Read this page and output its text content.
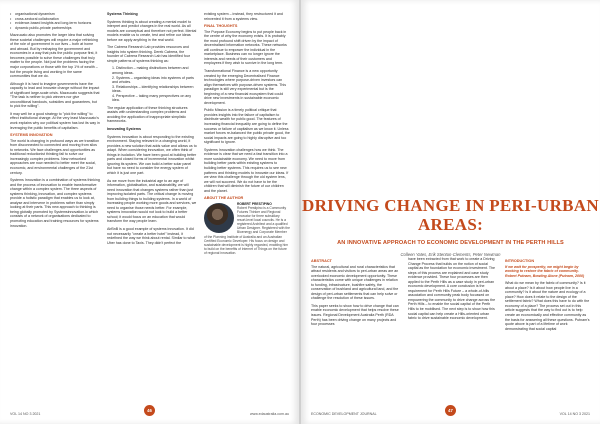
• organisational dynamism
• cross-sectoral collaboration
• evidence-based insights and long-term horizons
• dynamic public-private partnerships

Mazzucato also promotes the larger idea that solving these societal challenges will require a major rethinking of the role of government in our lives – both at home and abroad. But by reshaping the government and economies in a way that puts the public purpose first, it becomes possible to solve these challenges that truly matter to the people. Not just the problems facing the major corporations or those with the top 1% of wealth – but the people living and working in the same communities that we do.

Although it is hard to imagine governments have the capacity to lead and innovate change without the impact of significant large-scale crisis. Mazzucato suggests that "The task is neither to pick winners nor give unconditional handouts, subsidies and guarantees, but to pick the willing".

It may well be a good strategy to "pick the willing" to effect institutional change. At the very least Mazzucato's work explains why our political system has lost its way in leveraging the public benefits of capitalism.

SYSTEMS INNOVATION

The world is changing in profound ways as we transition from disconnected to connected and moving from silos to networks. We face challenges and opportunities as traditional reductionist thinking fail to solve our increasingly complex problems. New networked approaches are now needed to better meet the social, economic, and environmental challenges of the 21st century.

Systems Innovation is a combination of systems thinking and the process of innovation to enable transformative change within a complex system. The three aspects of systems thinking, innovation, and complex systems provide a holistic paradigm that enables us to look at, analyse and intervene in problems rather than simply looking at their parts. This new approach to thinking is being globally promoted by Systemsinnovation.io which consists of a network of organisations dedicated to promoting education and training resources for systems innovation.

Systems Thinking

Systems thinking is about creating a mental model to interpret and predict changes in the real world. As all models are conceptual and therefore not perfect. Mental models enable us to create, test and refine our ideas before we apply anything in the real world.

The Cabrera Research Lab provides resources and insights into system thinking. Derek Cabrera, the founder of Cabrera Research Lab has identified four simple patterns of systems thinking as:

1. Distinction – making distinctions between and among ideas.
2. Systems – organising ideas into systems of parts and wholes.
3. Relationships – identifying relationships between ideas.
4. Perspective – taking many perspectives on any idea.

The regular application of these thinking structures assists with understanding complex problems and avoiding the application of inappropriate simplistic frameworks.

Innovating Systems

Systems innovation is about responding to the existing environment. Staying relevant in a changing world, it provides a new solution that adds value and allows us to adapt. When considering innovation, we often think of things in isolation. We have been good at building better parts and closed forms of incremental innovation whilst ignoring its system. We can build a better solar panel but have no need to consider the energy system of which it is just one part.

As we move from the industrial age to an age of information, globalisation, and sustainability, we will need innovation that changes systems rather than just improving isolated parts. The critical change is moving from building things to building systems. In a world of increasing people working more goods and services, we need to organise those needs better. For example, systems innovation would not look to build a better school; it would focus on an education that would transform the way people learn.

AirBnB is a good example of systems innovation. It did not necessarily "create a better hotel" instead, it redefined the way we think about rental. Similar to what Uber has done to Taxis. They didn't perfect the

existing system – instead, they restructured it and reinvented it from a systems view.

FINAL THOUGHTS

The Purpose Economy begins to put people back in the centre of why the economy exists. It is probably the most profound shift driven by the impact of decentralised information networks. These networks will continue to empower the individual in the marketplace. Business can no longer ignore the interests and needs of their customers and employees if they wish to survive in the long term.

Transformational Finance is a new opportunity created by the emerging Decentralised Finance technologies where purpose-driven investors can align themselves with purpose-driven systems. This paradigm is still very experimental but is the beginning of a new financial ecosystem that could drive new investments in sustainable economic development.

Public Mission is a timely political critique that provides insights into the failure of capitalism to distribute wealth for public good. The features of increasing financial inequality are going to define the success or failure of capitalism as we know it. Unless market forces re-balanced the public private good, the social impacts are going to highly disruptive and too significant to ignore.

Systems Innovation challenges how we think. The evidence is clear that we need a fast transition into a more sustainable economy. We need to move from building better parts within existing systems to building better systems. This requires us to see new patterns and thinking models to innovate our ideas. If we view this challenge through the old system lens, we will not succeed. We do not have to be the children that will diminish the future of our children and the planet.

ABOUT THE AUTHOR
ROBERT PRESTIPINO
Robert Prestipino is a Community Futures Thinker and Regional Innovator for three subsidiary resort-level local councils. He is a registered Architect and a qualified Urban Designer. Registered with the Bioenergy and Corporate Member of the Planning Institute of Australia and an Australian Certified Economic Developer. His focus on design and sustainable development is highly regarded, enabling him to build on the benefits of Internet of Things on the future of regional innovation.
VOL 14 NO 3 2021
46
www.edaustralia.com.au
DRIVING CHANGE IN PERI-URBAN AREAS:
AN INNOVATIVE APPROACH TO ECONOMIC DEVELOPMENT IN THE PERTH HILLS
Colleen Yates, Erik Stenton-Clements, Peter Newman
ABSTRACT

The natural, agricultural and rural characteristics that attract residents and visitors to peri-urban areas are an overlooked economic development opportunity. These characteristics come with unique challenges in relation to funding, infrastructure, bushfire safety, the conservation of bushland and agricultural land, and the design of peri-urban settlements that can help solve or challenge the resolution of these issues.

This paper seeks to show how to drive change that can enable economic development that helps resolve these issues. Regional Development Australia Perth (RDA Perth) has been driving change on many projects and four processes

have been extracted from that work to create a Driving Change Process that builds on the notion of social capital as the foundation for economic investment. The steps of this process are explained and case study evidence provided. These four processes are then applied to the Perth Hills as a case study in peri-urban economic development. A core conclusion is the requirement for Perth Hills Future – a whole-of-hills association and community peak body focussed on empowering the community to drive change across the Perth Hills – to enable the social capital of the Perth Hills to be mobilised. The next step is to show how this social capital can help create a Hills-oriented urban fabric to drive sustainable economic development.

INTRODUCTION

If we wait for prosperity, we might begin by working to restore the fabric of community. Robert Putnam, Bowling Alone (Putnam, 2000)

What do we mean by the fabric of community? Is it about a place? Is it about how people live in a community? Is it about the nature and ecology of a place? How does it relate to the design of the settlement fabric? What does this have to do with the economy of a place? The process set out in this article suggests that the way to find out is to help create an economically and effective community as the basis for answering all these questions. Putnam's quote above is part of a lifetime of work demonstrating that social capital

ECONOMIC DEVELOPMENT JOURNAL
47
VOL 14 NO 3 2021
